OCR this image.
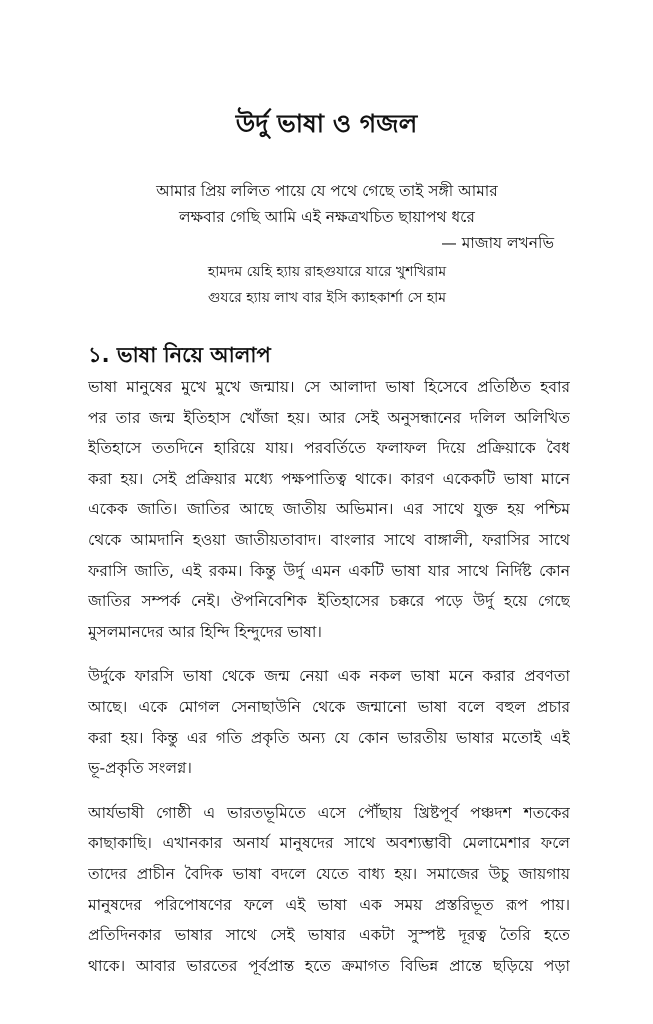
উর্দু ভাষা ও গজল
আমার প্রিয় ললিত পায়ে যে পথে গেছে তাই সঙ্গী আমার
লক্ষবার গেছি আমি এই নক্ষত্রখচিত ছায়াপথ ধরে
— মাজায লখনভি
হামদম য়েহি হ্যায় রাহগুযারে যারে খুশখিরাম
গুযরে হ্যায় লাখ বার ইসি ক্যাহকার্শা সে হাম
১. ভাষা নিয়ে আলাপ

ভাষা মানুষের মুখে মুখে জন্মায়। সে আলাদা ভাষা হিসেবে প্রতিষ্ঠিত হবার
পর তার জন্ম ইতিহাস খোঁজা হয়। আর সেই অনুসন্ধানের দলিল অলিখিত
ইতিহাসে ততদিনে হারিয়ে যায়। পরবর্তিতে ফলাফল দিয়ে প্রক্রিয়াকে বৈধ
করা হয়। সেই প্রক্রিয়ার মধ্যে পক্ষপাতিত্ব থাকে। কারণ একেকটি ভাষা মানে
একেক জাতি। জাতির আছে জাতীয় অভিমান। এর সাথে যুক্ত হয় পশ্চিম
থেকে আমদানি হওয়া জাতীয়তাবাদ। বাংলার সাথে বাঙ্গালী, ফরাসির সাথে
ফরাসি জাতি, এই রকম। কিন্তু উর্দু এমন একটি ভাষা যার সাথে নির্দিষ্ট কোন
জাতির সম্পর্ক নেই। ঔপনিবেশিক ইতিহাসের চক্করে পড়ে উর্দু হয়ে গেছে
মুসলমানদের আর হিন্দি হিন্দুদের ভাষা।

উর্দুকে ফারসি ভাষা থেকে জন্ম নেয়া এক নকল ভাষা মনে করার প্রবণতা
আছে। একে মোগল সেনাছাউনি থেকে জন্মানো ভাষা বলে বহুল প্রচার
করা হয়। কিন্তু এর গতি প্রকৃতি অন্য যে কোন ভারতীয় ভাষার মতোই এই
ভূ-প্রকৃতি সংলগ্ন।

আর্যভাষী গোষ্ঠী এ ভারতভূমিতে এসে পৌঁছায় খ্রিষ্টপূর্ব পঞ্চদশ শতকের
কাছাকাছি। এখানকার অনার্য মানুষদের সাথে অবশ্যম্ভাবী মেলামেশার ফলে
তাদের প্রাচীন বৈদিক ভাষা বদলে যেতে বাধ্য হয়। সমাজের উচু জায়গায়
মানুষদের পরিপোষণের ফলে এই ভাষা এক সময় প্রস্তরিভূত রূপ পায়।
প্রতিদিনকার ভাষার সাথে সেই ভাষার একটা সুস্পষ্ট দূরত্ব তৈরি হতে
থাকে। আবার ভারতের পূর্বপ্রান্ত হতে ক্রমাগত বিভিন্ন প্রান্তে ছড়িয়ে পড়া
